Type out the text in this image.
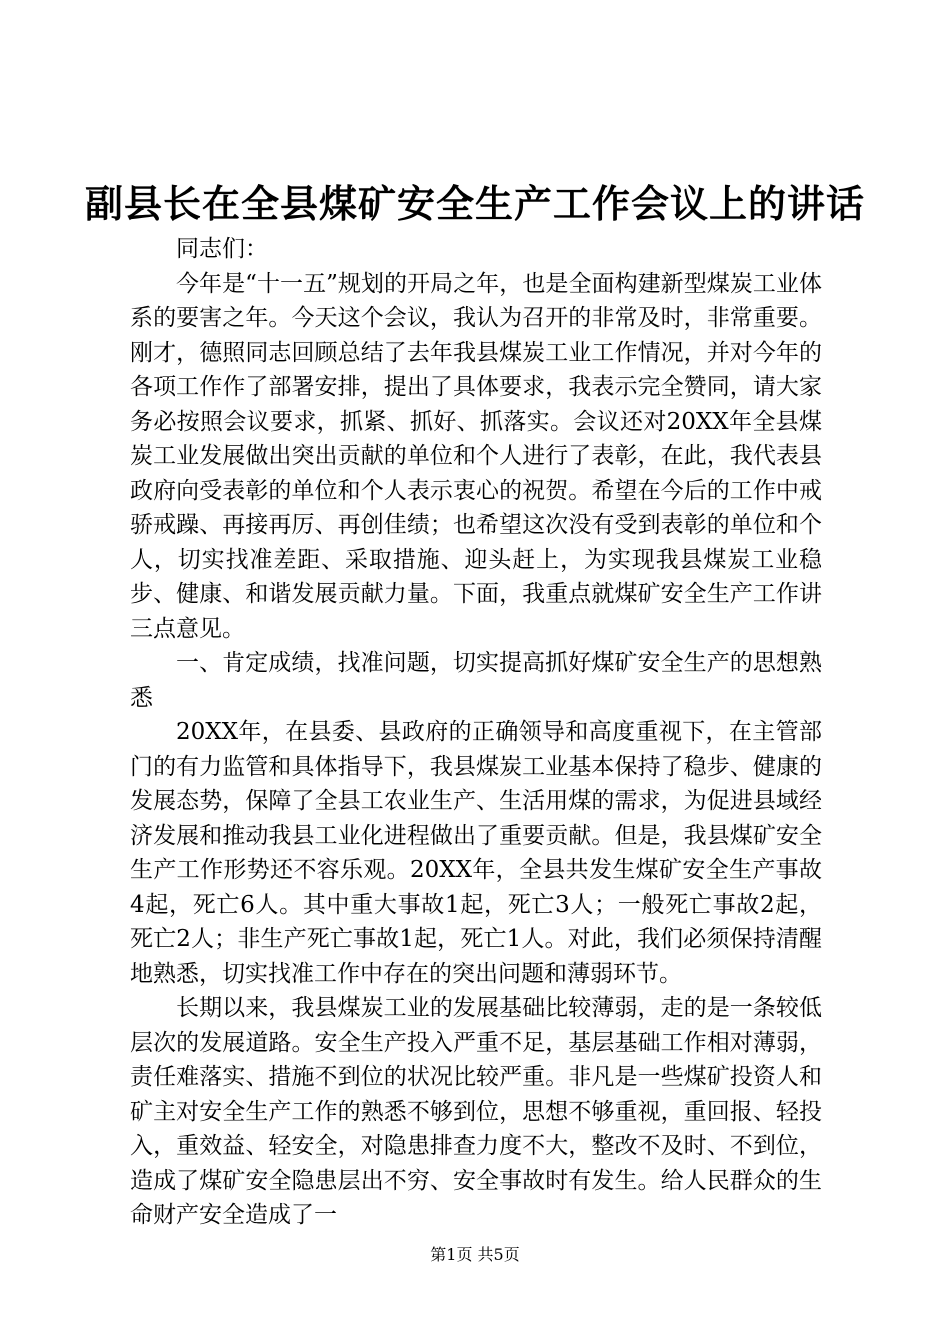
副县长在全县煤矿安全生产工作会议上的讲话

同志们：

今年是“十一五”规划的开局之年，也是全面构建新型煤炭工业体系的要害之年。今天这个会议，我认为召开的非常及时，非常重要。刚才，德照同志回顾总结了去年我县煤炭工业工作情况，并对今年的各项工作作了部署安排，提出了具体要求，我表示完全赞同，请大家务必按照会议要求，抓紧、抓好、抓落实。会议还对20XX年全县煤炭工业发展做出突出贡献的单位和个人进行了表彰，在此，我代表县政府向受表彰的单位和个人表示衷心的祝贺。希望在今后的工作中戒骄戒躁、再接再厉、再创佳绩；也希望这次没有受到表彰的单位和个人，切实找准差距、采取措施、迎头赶上，为实现我县煤炭工业稳步、健康、和谐发展贡献力量。下面，我重点就煤矿安全生产工作讲三点意见。

一、肯定成绩，找准问题，切实提高抓好煤矿安全生产的思想熟悉

20XX年，在县委、县政府的正确领导和高度重视下，在主管部门的有力监管和具体指导下，我县煤炭工业基本保持了稳步、健康的发展态势，保障了全县工农业生产、生活用煤的需求，为促进县域经济发展和推动我县工业化进程做出了重要贡献。但是，我县煤矿安全生产工作形势还不容乐观。20XX年，全县共发生煤矿安全生产事故4起，死亡6人。其中重大事故1起，死亡3人；一般死亡事故2起，死亡2人；非生产死亡事故1起，死亡1人。对此，我们必须保持清醒地熟悉，切实找准工作中存在的突出问题和薄弱环节。

长期以来，我县煤炭工业的发展基础比较薄弱，走的是一条较低层次的发展道路。安全生产投入严重不足，基层基础工作相对薄弱，责任难落实、措施不到位的状况比较严重。非凡是一些煤矿投资人和矿主对安全生产工作的熟悉不够到位，思想不够重视，重回报、轻投入，重效益、轻安全，对隐患排查力度不大，整改不及时、不到位，造成了煤矿安全隐患层出不穷、安全事故时有发生。给人民群众的生命财产安全造成了一

第1页 共5页
